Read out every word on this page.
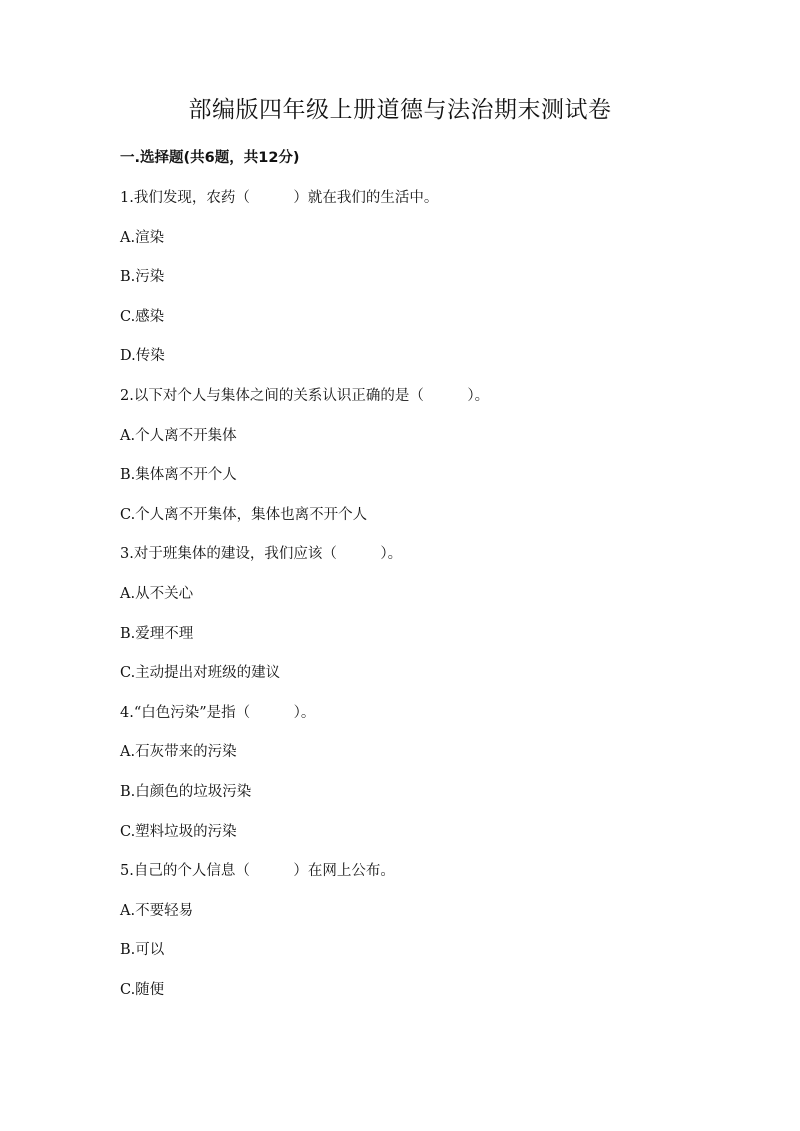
部编版四年级上册道德与法治期末测试卷

一.选择题(共6题，共12分)

1.我们发现，农药（　　　）就在我们的生活中。

A.渲染

B.污染

C.感染

D.传染

2.以下对个人与集体之间的关系认识正确的是（　　　）。

A.个人离不开集体

B.集体离不开个人

C.个人离不开集体，集体也离不开个人

3.对于班集体的建设，我们应该（　　　）。

A.从不关心

B.爱理不理

C.主动提出对班级的建议

4.“白色污染”是指（　　　）。

A.石灰带来的污染

B.白颜色的垃圾污染

C.塑料垃圾的污染

5.自己的个人信息（　　　）在网上公布。

A.不要轻易

B.可以

C.随便
